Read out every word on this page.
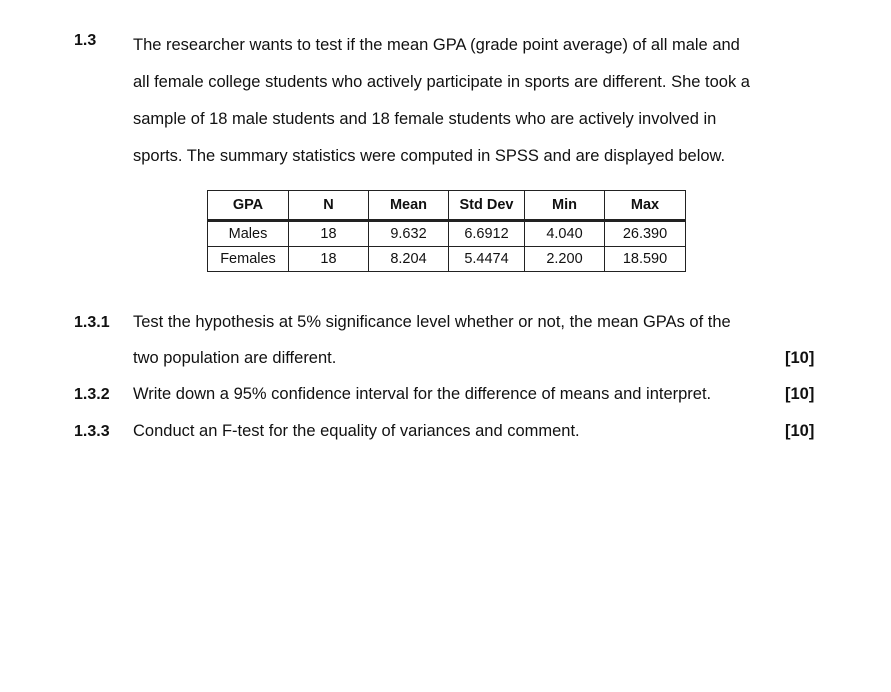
1.3 The researcher wants to test if the mean GPA (grade point average) of all male and
all female college students who actively participate in sports are different. She took a
sample of 18 male students and 18 female students who are actively involved in
sports. The summary statistics were computed in SPSS and are displayed below.
GPA	N	Mean	Std Dev	Min	Max
Males	18	9.632	6.6912	4.040	26.390
Females	18	8.204	5.4474	2.200	18.590
1.3.1 Test the hypothesis at 5% significance level whether or not, the mean GPAs of the
two population are different.	[10]
1.3.2 Write down a 95% confidence interval for the difference of means and interpret.	[10]
1.3.3 Conduct an F-test for the equality of variances and comment.	[10]
